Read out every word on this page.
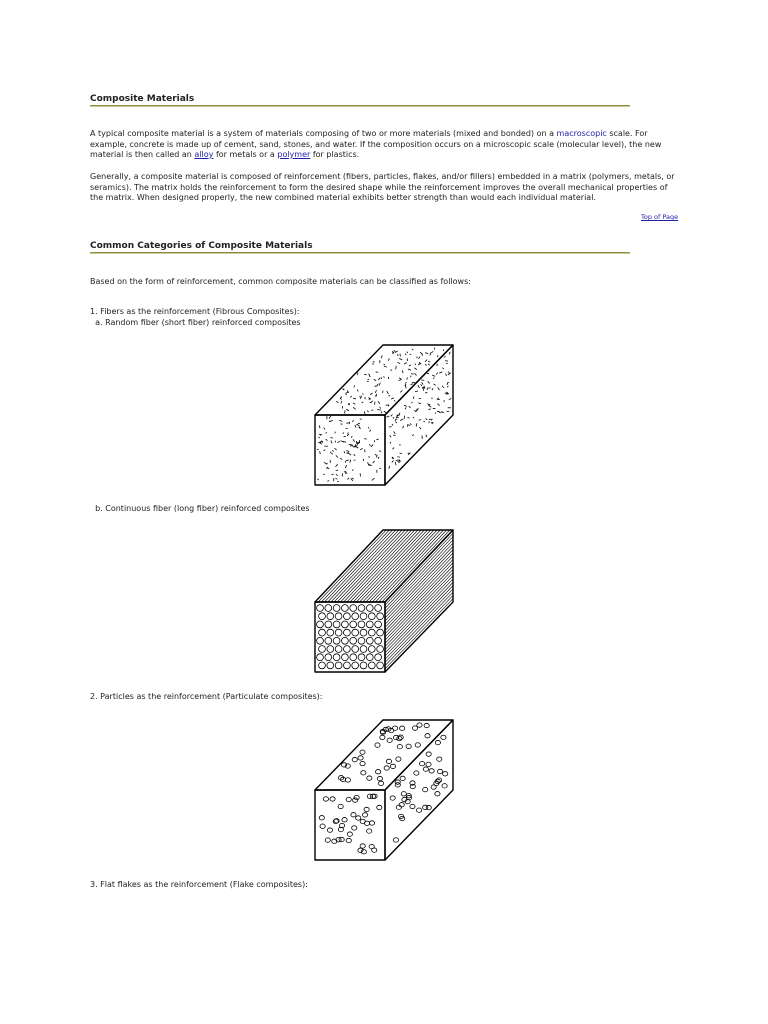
Composite Materials

A typical composite material is a system of materials composing of two or more materials (mixed and bonded) on a macroscopic scale. For example, concrete is made up of cement, sand, stones, and water. If the composition occurs on a microscopic scale (molecular level), the new material is then called an alloy for metals or a polymer for plastics.

Generally, a composite material is composed of reinforcement (fibers, particles, flakes, and/or fillers) embedded in a matrix (polymers, metals, or seramics). The matrix holds the reinforcement to form the desired shape while the reinforcement improves the overall mechanical properties of the matrix. When designed properly, the new combined material exhibits better strength than would each individual material.

Top of Page
Common Categories of Composite Materials

Based on the form of reinforcement, common composite materials can be classified as follows:

1. Fibers as the reinforcement (Fibrous Composites):

a. Random fiber (short fiber) reinforced composites

b. Continuous fiber (long fiber) reinforced composites

2. Particles as the reinforcement (Particulate composites):

3. Flat flakes as the reinforcement (Flake composites):
